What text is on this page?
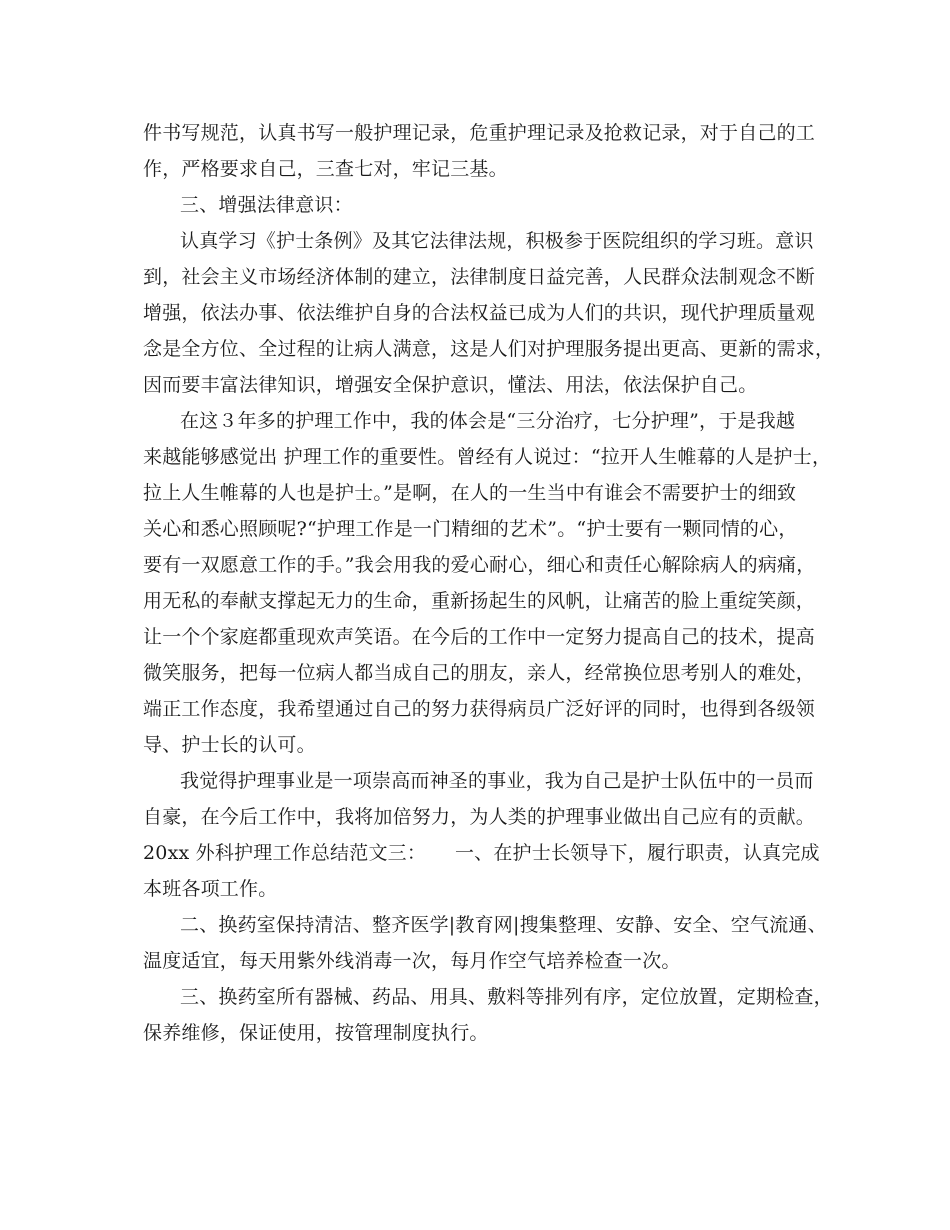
件书写规范，认真书写一般护理记录，危重护理记录及抢救记录，对于自己的工
作，严格要求自己，三查七对，牢记三基。
三、增强法律意识：
认真学习《护士条例》及其它法律法规，积极参于医院组织的学习班。意识
到，社会主义市场经济体制的建立，法律制度日益完善，人民群众法制观念不断
增强，依法办事、依法维护自身的合法权益已成为人们的共识，现代护理质量观
念是全方位、全过程的让病人满意，这是人们对护理服务提出更高、更新的需求，
因而要丰富法律知识，增强安全保护意识，懂法、用法，依法保护自己。
在这３年多的护理工作中，我的体会是“三分治疗，七分护理”，于是我越
来越能够感觉出 护理工作的重要性。曾经有人说过：“拉开人生帷幕的人是护士，
拉上人生帷幕的人也是护士。”是啊，在人的一生当中有谁会不需要护士的细致
关心和悉心照顾呢?“护理工作是一门精细的艺术”。“护士要有一颗同情的心，
要有一双愿意工作的手。”我会用我的爱心耐心，细心和责任心解除病人的病痛，
用无私的奉献支撑起无力的生命，重新扬起生的风帆，让痛苦的脸上重绽笑颜，
让一个个家庭都重现欢声笑语。在今后的工作中一定努力提高自己的技术，提高
微笑服务，把每一位病人都当成自己的朋友，亲人，经常换位思考别人的难处，
端正工作态度，我希望通过自己的努力获得病员广泛好评的同时，也得到各级领
导、护士长的认可。
我觉得护理事业是一项崇高而神圣的事业，我为自己是护士队伍中的一员而
自豪，在今后工作中，我将加倍努力，为人类的护理事业做出自己应有的贡献。
20xx 外科护理工作总结范文三：　　一、在护士长领导下，履行职责，认真完成
本班各项工作。
二、换药室保持清洁、整齐医学|教育网|搜集整理、安静、安全、空气流通、
温度适宜，每天用紫外线消毒一次，每月作空气培养检查一次。
三、换药室所有器械、药品、用具、敷料等排列有序，定位放置，定期检查，
保养维修，保证使用，按管理制度执行。
